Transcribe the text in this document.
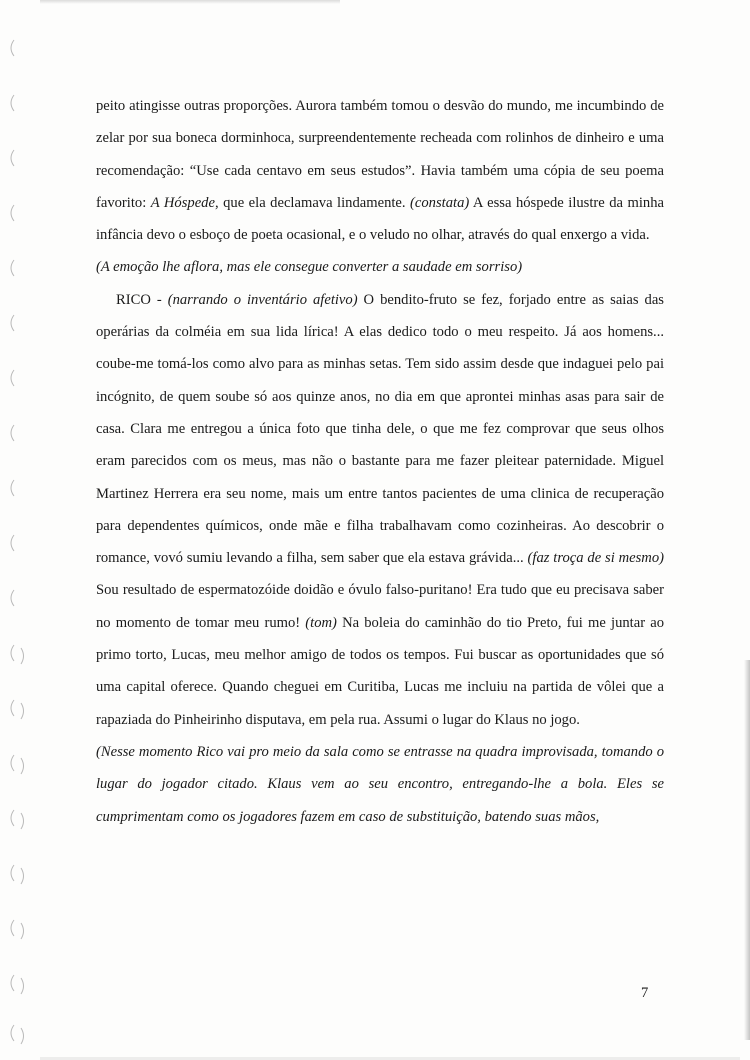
peito atingisse outras proporções. Aurora também tomou o desvão do mundo, me incumbindo de zelar por sua boneca dorminhoca, surpreendentemente recheada com rolinhos de dinheiro e uma recomendação: “Use cada centavo em seus estudos”. Havia também uma cópia de seu poema favorito: A Hóspede, que ela declamava lindamente. (constata) A essa hóspede ilustre da minha infância devo o esboço de poeta ocasional, e o veludo no olhar, através do qual enxergo a vida.

(A emoção lhe aflora, mas ele consegue converter a saudade em sorriso)

RICO - (narrando o inventário afetivo) O bendito-fruto se fez, forjado entre as saias das operárias da colméia em sua lida lírica! A elas dedico todo o meu respeito. Já aos homens... coube-me tomá-los como alvo para as minhas setas. Tem sido assim desde que indaguei pelo pai incógnito, de quem soube só aos quinze anos, no dia em que aprontei minhas asas para sair de casa. Clara me entregou a única foto que tinha dele, o que me fez comprovar que seus olhos eram parecidos com os meus, mas não o bastante para me fazer pleitear paternidade. Miguel Martinez Herrera era seu nome, mais um entre tantos pacientes de uma clinica de recuperação para dependentes químicos, onde mãe e filha trabalhavam como cozinheiras. Ao descobrir o romance, vovó sumiu levando a filha, sem saber que ela estava grávida... (faz troça de si mesmo) Sou resultado de espermatozóide doidão e óvulo falso-puritano! Era tudo que eu precisava saber no momento de tomar meu rumo! (tom) Na boleia do caminhão do tio Preto, fui me juntar ao primo torto, Lucas, meu melhor amigo de todos os tempos. Fui buscar as oportunidades que só uma capital oferece. Quando cheguei em Curitiba, Lucas me incluiu na partida de vôlei que a rapaziada do Pinheirinho disputava, em pela rua. Assumi o lugar do Klaus no jogo.

(Nesse momento Rico vai pro meio da sala como se entrasse na quadra improvisada, tomando o lugar do jogador citado. Klaus vem ao seu encontro, entregando-lhe a bola. Eles se cumprimentam como os jogadores fazem em caso de substituição, batendo suas mãos,

7
